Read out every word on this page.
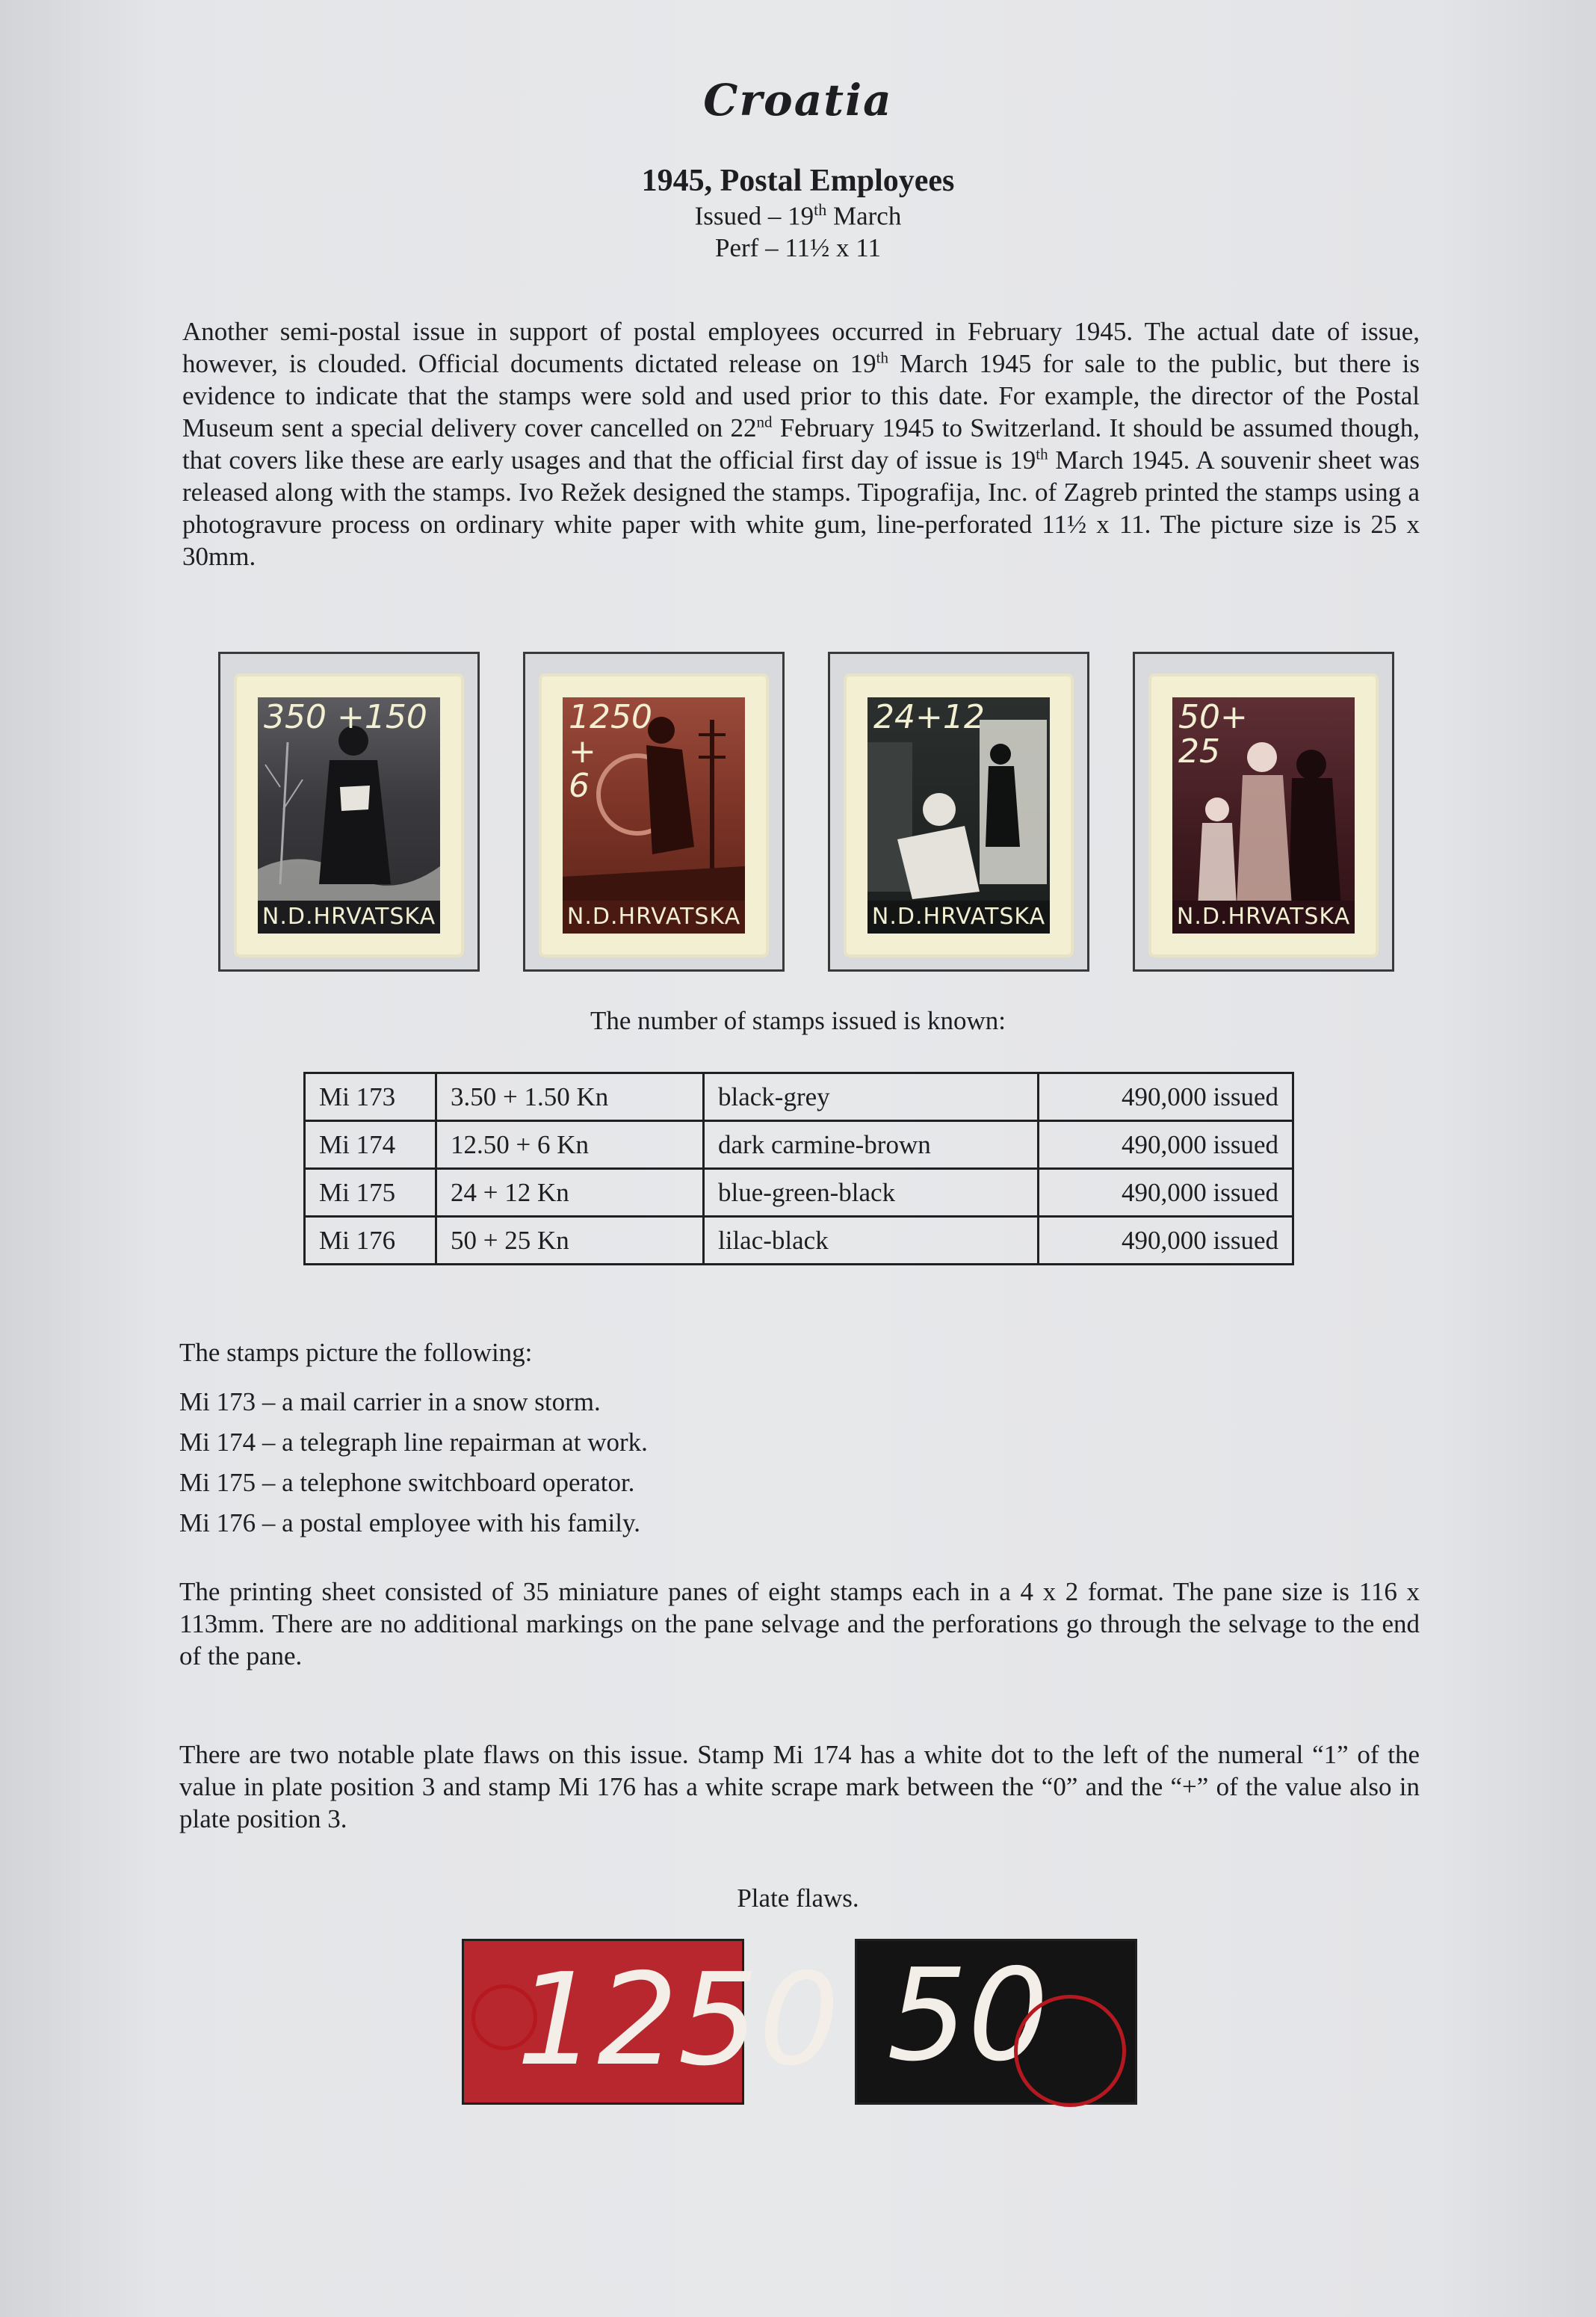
Croatia
1945, Postal Employees
Issued – 19th March
Perf – 11½ x 11
Another semi-postal issue in support of postal employees occurred in February 1945. The actual date of issue, however, is clouded. Official documents dictated release on 19th March 1945 for sale to the public, but there is evidence to indicate that the stamps were sold and used prior to this date. For example, the director of the Postal Museum sent a special delivery cover cancelled on 22nd February 1945 to Switzerland. It should be assumed though, that covers like these are early usages and that the official first day of issue is 19th March 1945. A souvenir sheet was released along with the stamps. Ivo Režek designed the stamps. Tipografija, Inc. of Zagreb printed the stamps using a photogravure process on ordinary white paper with white gum, line-perforated 11½ x 11. The picture size is 25 x 30mm.
350 +150
N.D.HRVATSKA
1250
+
6
N.D.HRVATSKA
24+12
N.D.HRVATSKA
50+
25
N.D.HRVATSKA
The number of stamps issued is known:
Mi 173	3.50 + 1.50 Kn	black-grey	490,000 issued
Mi 174	12.50 + 6 Kn	dark carmine-brown	490,000 issued
Mi 175	24 + 12 Kn	blue-green-black	490,000 issued
Mi 176	50 + 25 Kn	lilac-black	490,000 issued
The stamps picture the following:
Mi 173 – a mail carrier in a snow storm.
Mi 174 – a telegraph line repairman at work.
Mi 175 – a telephone switchboard operator.
Mi 176 – a postal employee with his family.
The printing sheet consisted of 35 miniature panes of eight stamps each in a 4 x 2 format. The pane size is 116 x 113mm. There are no additional markings on the pane selvage and the perforations go through the selvage to the end of the pane.
There are two notable plate flaws on this issue. Stamp Mi 174 has a white dot to the left of the numeral “1” of the value in plate position 3 and stamp Mi 176 has a white scrape mark between the “0” and the “+” of the value also in plate position 3.
Plate flaws.
1250 50
